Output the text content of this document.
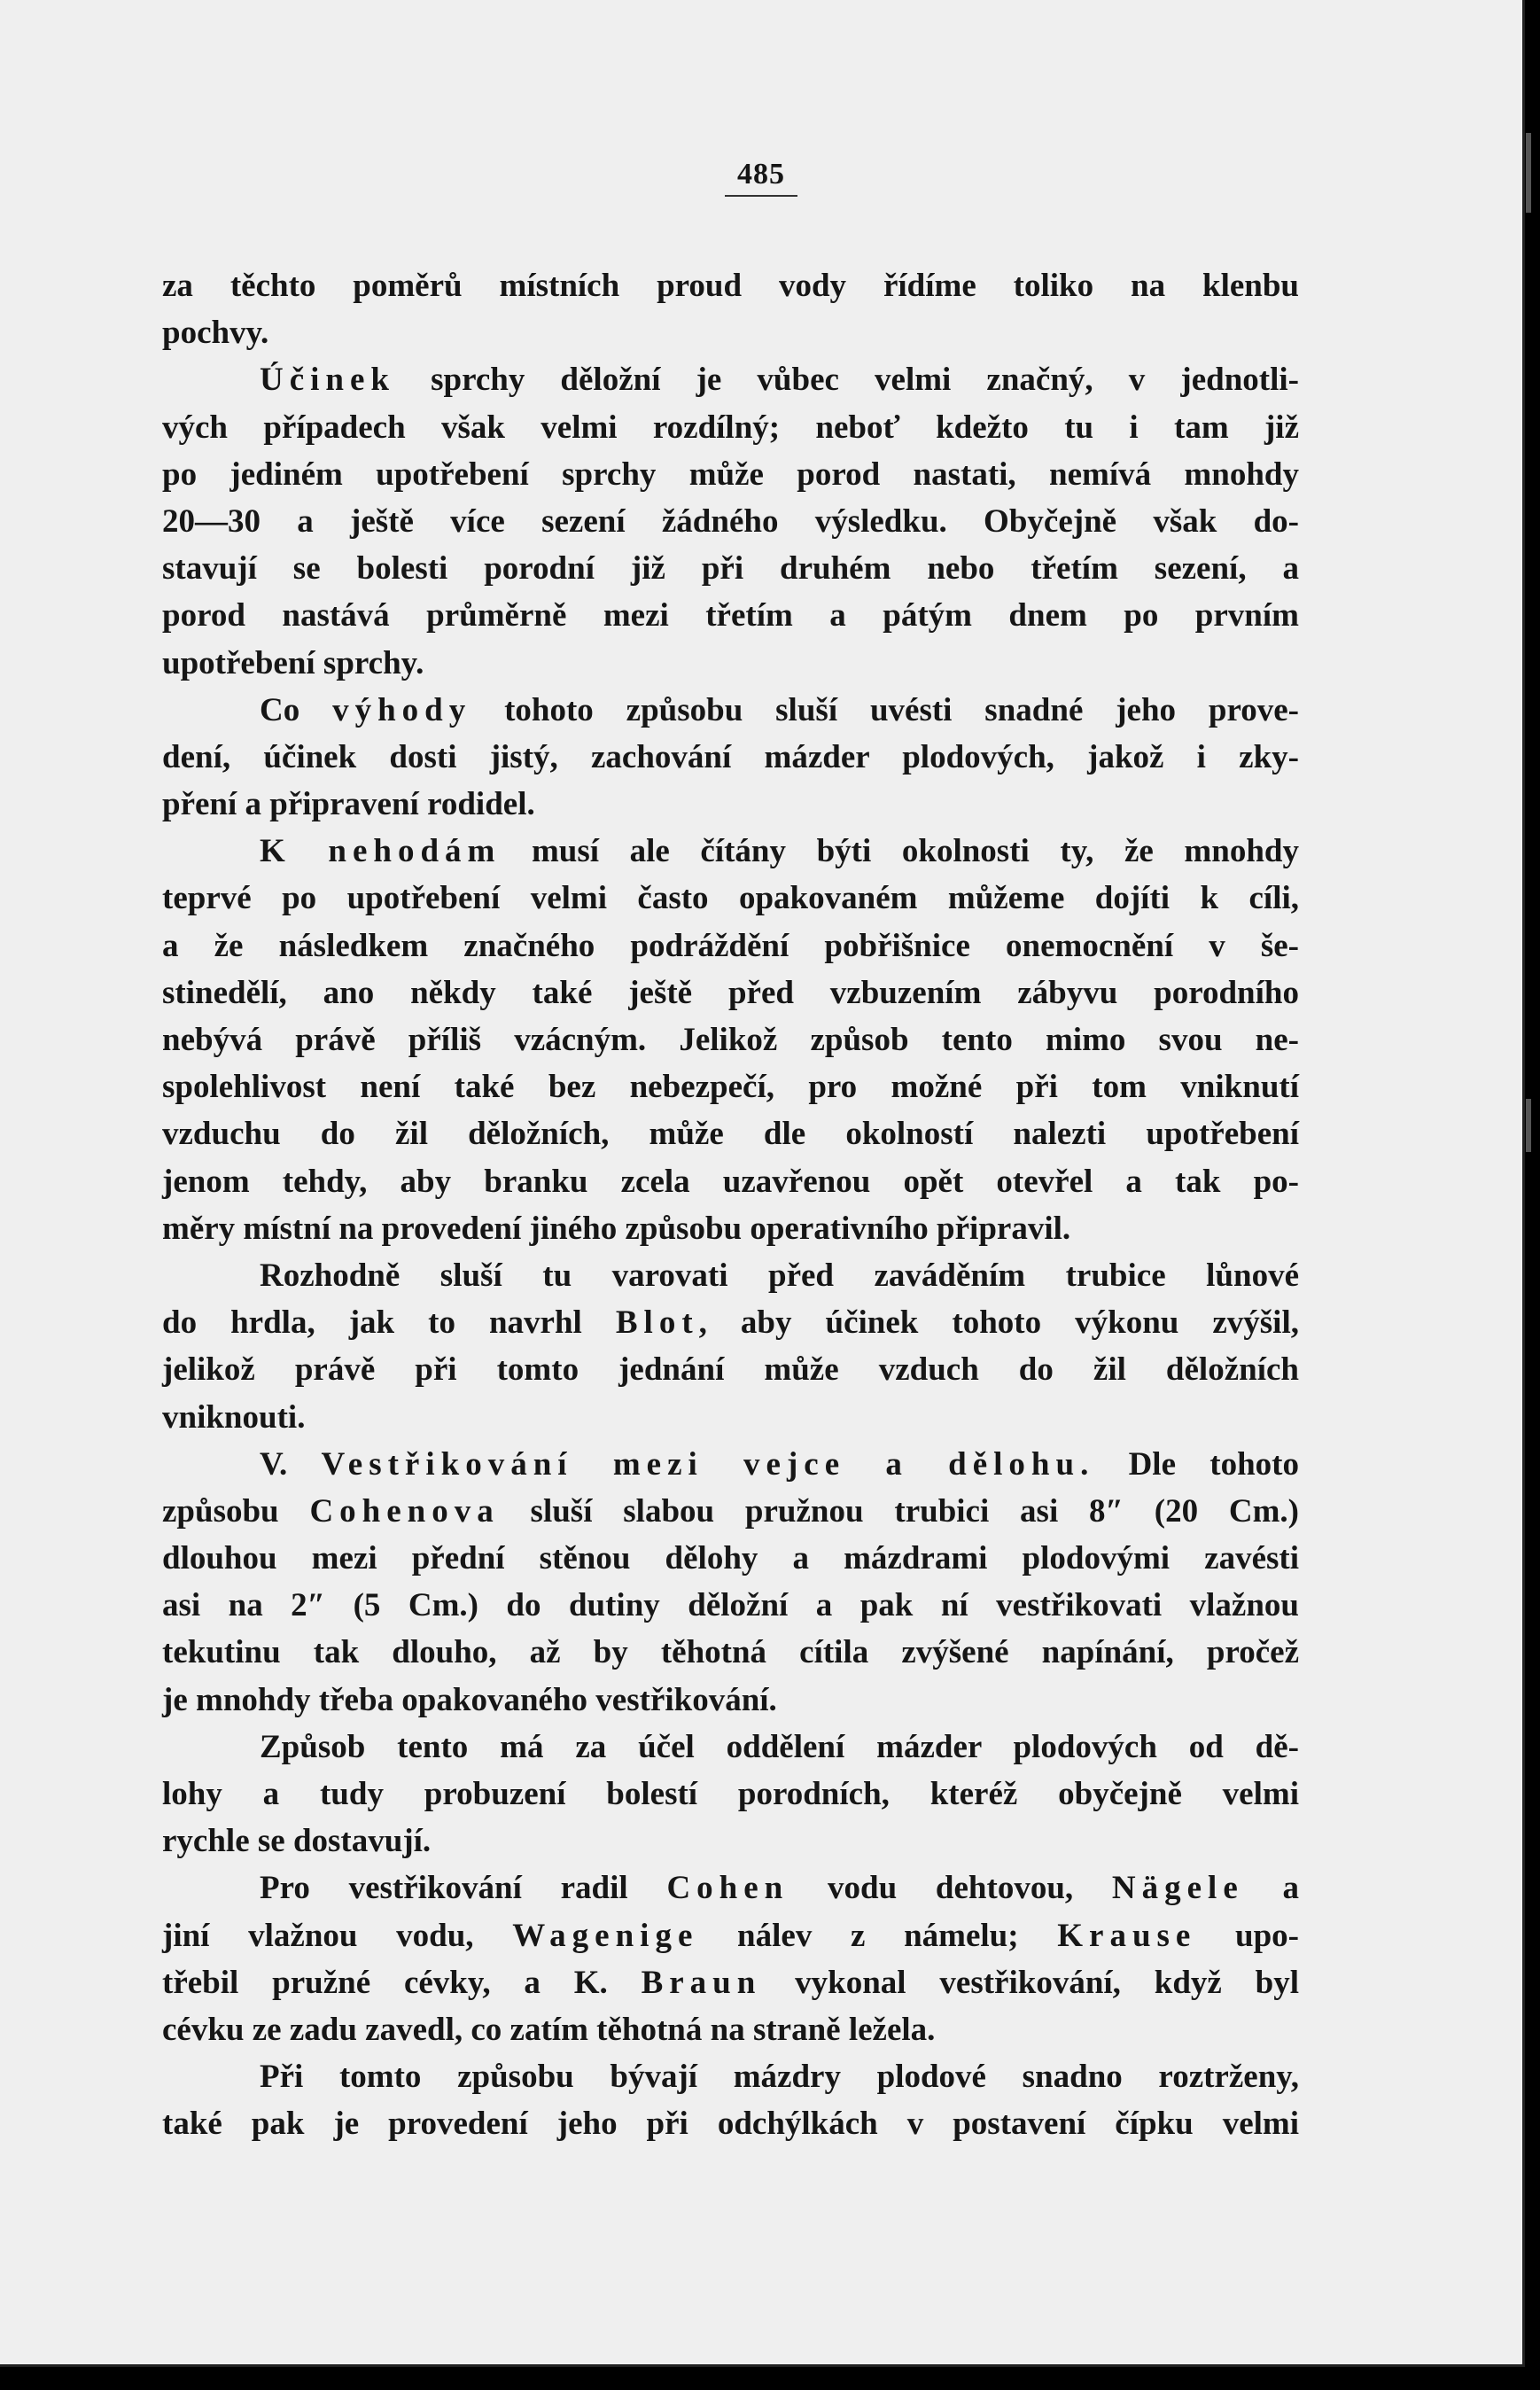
485
za těchto poměrů místních proud vody řídíme toliko na klenbu
pochvy.
Účinek sprchy děložní je vůbec velmi značný, v jednotli-
vých případech však velmi rozdílný; neboť kdežto tu i tam již
po jediném upotřebení sprchy může porod nastati, nemívá mnohdy
20—30 a ještě více sezení žádného výsledku. Obyčejně však do-
stavují se bolesti porodní již při druhém nebo třetím sezení, a
porod nastává průměrně mezi třetím a pátým dnem po prvním
upotřebení sprchy.
Co výhody tohoto způsobu sluší uvésti snadné jeho prove-
dení, účinek dosti jistý, zachování mázder plodových, jakož i zky-
pření a připravení rodidel.
K nehodám musí ale čítány býti okolnosti ty, že mnohdy
teprvé po upotřebení velmi často opakovaném můžeme dojíti k cíli,
a že následkem značného podráždění pobřišnice onemocnění v še-
stinedělí, ano někdy také ještě před vzbuzením zábyvu porodního
nebývá právě příliš vzácným. Jelikož způsob tento mimo svou ne-
spolehlivost není také bez nebezpečí, pro možné při tom vniknutí
vzduchu do žil děložních, může dle okolností nalezti upotřebení
jenom tehdy, aby branku zcela uzavřenou opět otevřel a tak po-
měry místní na provedení jiného způsobu operativního připravil.
Rozhodně sluší tu varovati před zaváděním trubice lůnové
do hrdla, jak to navrhl Blot, aby účinek tohoto výkonu zvýšil,
jelikož právě při tomto jednání může vzduch do žil děložních
vniknouti.
V. Vestřikování mezi vejce a dělohu. Dle tohoto
způsobu Cohenova sluší slabou pružnou trubici asi 8″ (20 Cm.)
dlouhou mezi přední stěnou dělohy a mázdrami plodovými zavésti
asi na 2″ (5 Cm.) do dutiny děložní a pak ní vestřikovati vlažnou
tekutinu tak dlouho, až by těhotná cítila zvýšené napínání, pročež
je mnohdy třeba opakovaného vestřikování.
Způsob tento má za účel oddělení mázder plodových od dě-
lohy a tudy probuzení bolestí porodních, kteréž obyčejně velmi
rychle se dostavují.
Pro vestřikování radil Cohen vodu dehtovou, Nägele a
jiní vlažnou vodu, Wagenige nálev z námelu; Krause upo-
třebil pružné cévky, a K. Braun vykonal vestřikování, když byl
cévku ze zadu zavedl, co zatím těhotná na straně ležela.
Při tomto způsobu bývají mázdry plodové snadno roztrženy,
také pak je provedení jeho při odchýlkách v postavení čípku velmi
